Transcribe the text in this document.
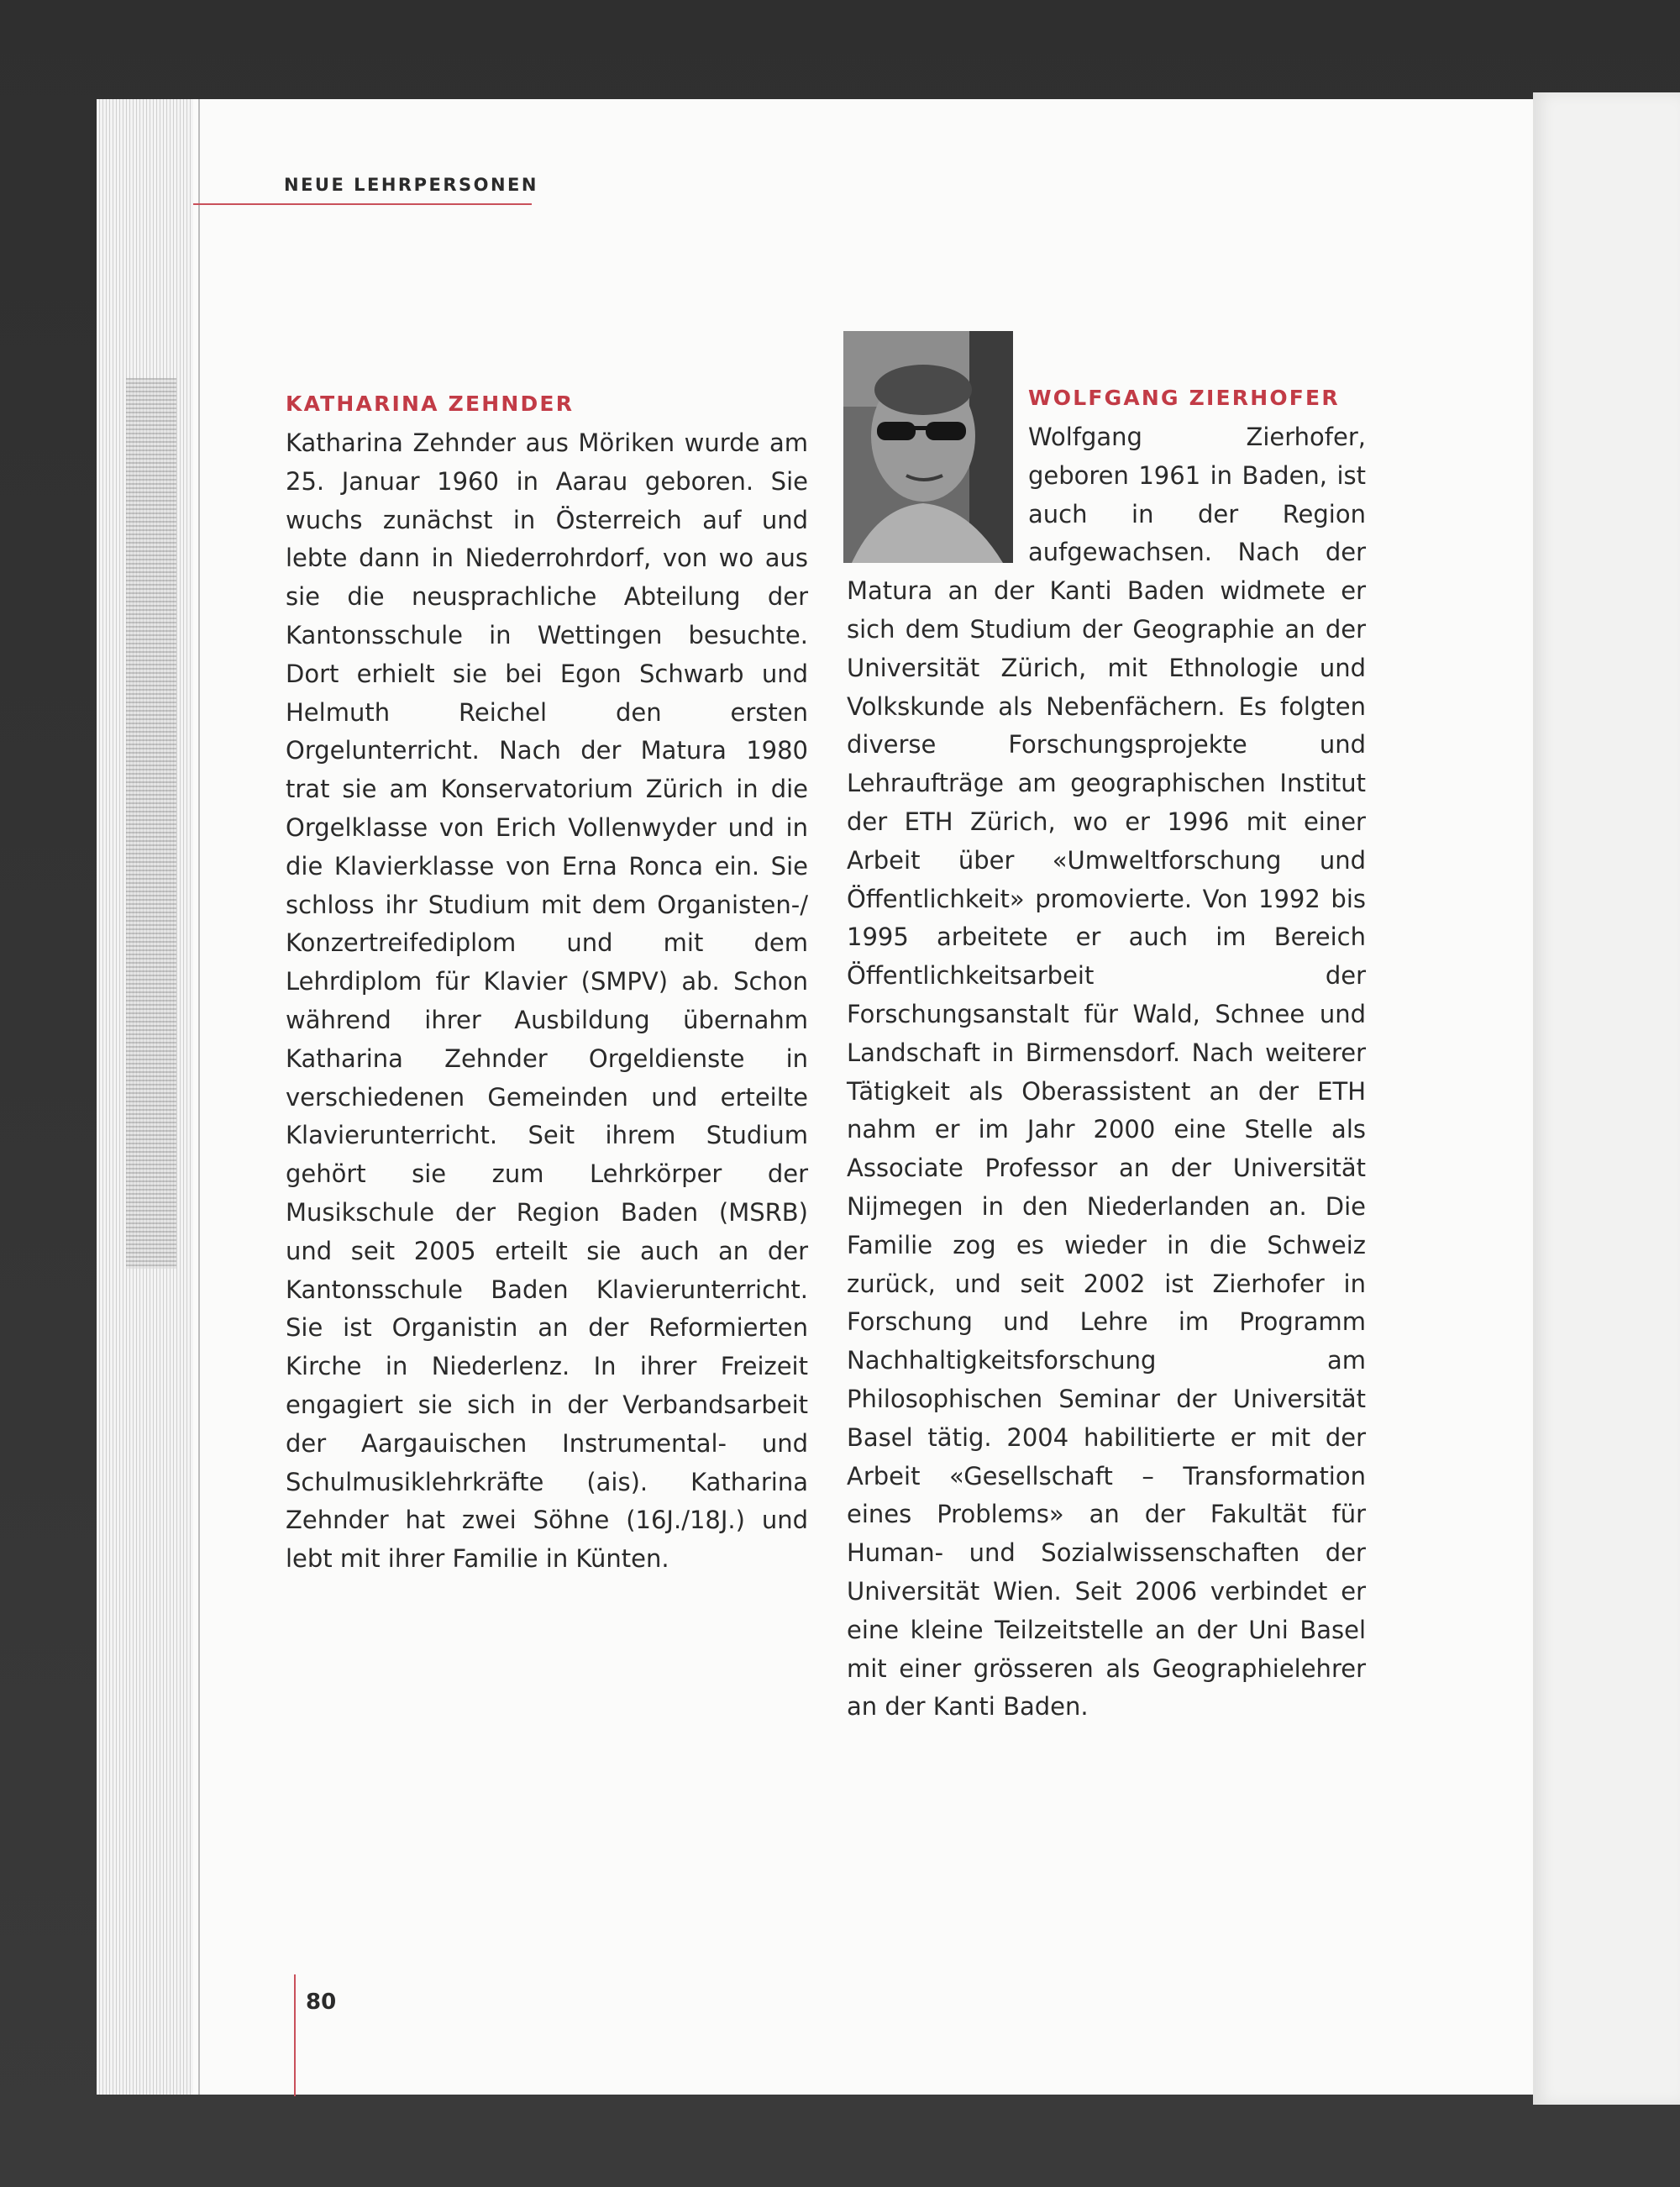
NEUE LEHRPERSONEN
KATHARINA ZEHNDER
Katharina Zehnder aus Möriken wurde am 25. Januar 1960 in Aarau geboren. Sie wuchs zunächst in Österreich auf und lebte dann in Niederrohrdorf, von wo aus sie die neusprachliche Abteilung der Kantonsschule in Wettingen besuchte. Dort erhielt sie bei Egon Schwarb und Helmuth Reichel den ersten Orgelunterricht. Nach der Matura 1980 trat sie am Konservatorium Zürich in die Orgelklasse von Erich Vollenwyder und in die Klavierklasse von Erna Ronca ein. Sie schloss ihr Studium mit dem Organisten-/ Konzertreifediplom und mit dem Lehrdiplom für Klavier (SMPV) ab. Schon während ihrer Ausbildung übernahm Katharina Zehnder Orgeldienste in verschiedenen Gemeinden und erteilte Klavierunterricht. Seit ihrem Studium gehört sie zum Lehrkörper der Musikschule der Region Baden (MSRB) und seit 2005 erteilt sie auch an der Kantonsschule Baden Klavierunterricht. Sie ist Organistin an der Reformierten Kirche in Niederlenz. In ihrer Freizeit engagiert sie sich in der Verbandsarbeit der Aargauischen Instrumental- und Schulmusiklehrkräfte (ais). Katharina Zehnder hat zwei Söhne (16J./18J.) und lebt mit ihrer Familie in Künten.
WOLFGANG ZIERHOFER
Wolfgang Zierhofer, geboren 1961 in Baden, ist auch in der Region aufgewachsen. Nach der Matura an der Kanti Baden widmete er sich dem Studium der Geographie an der Universität Zürich, mit Ethnologie und Volkskunde als Nebenfächern. Es folgten diverse Forschungsprojekte und Lehraufträge am geographischen Institut der ETH Zürich, wo er 1996 mit einer Arbeit über «Umweltforschung und Öffentlichkeit» promovierte. Von 1992 bis 1995 arbeitete er auch im Bereich Öffentlichkeitsarbeit der Forschungsanstalt für Wald, Schnee und Landschaft in Birmensdorf. Nach weiterer Tätigkeit als Oberassistent an der ETH nahm er im Jahr 2000 eine Stelle als Associate Professor an der Universität Nijmegen in den Niederlanden an. Die Familie zog es wieder in die Schweiz zurück, und seit 2002 ist Zierhofer in Forschung und Lehre im Programm Nachhaltigkeitsforschung am Philosophischen Seminar der Universität Basel tätig. 2004 habilitierte er mit der Arbeit «Gesellschaft – Transformation eines Problems» an der Fakultät für Human- und Sozialwissenschaften der Universität Wien. Seit 2006 verbindet er eine kleine Teilzeitstelle an der Uni Basel mit einer grösseren als Geographielehrer an der Kanti Baden.
80
